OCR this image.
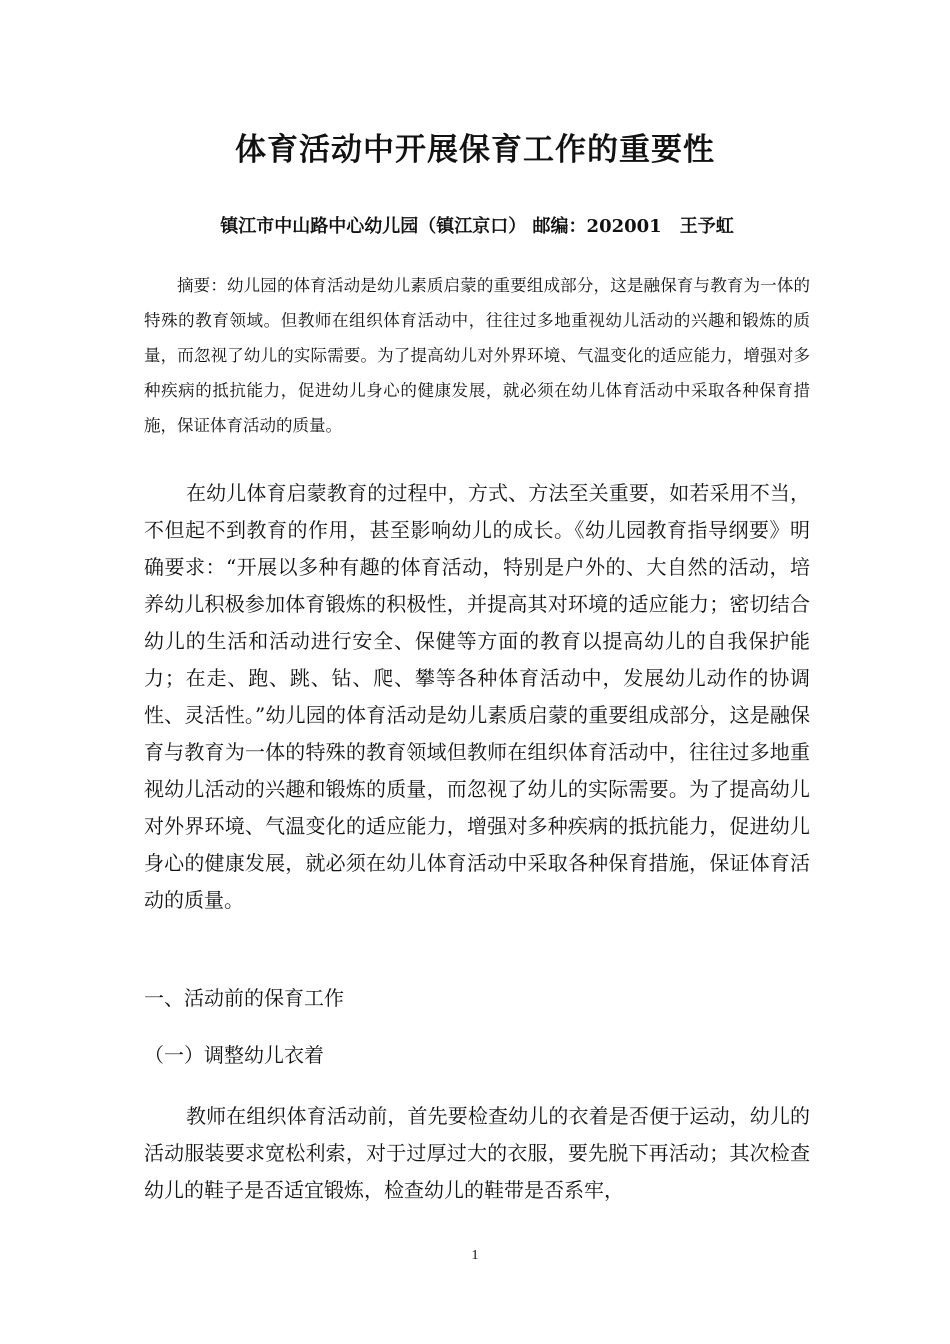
体育活动中开展保育工作的重要性
镇江市中山路中心幼儿园（镇江京口） 邮编：202001　王予虹
摘要：幼儿园的体育活动是幼儿素质启蒙的重要组成部分，这是融保育与教育为一体的特殊的教育领域。但教师在组织体育活动中，往往过多地重视幼儿活动的兴趣和锻炼的质量，而忽视了幼儿的实际需要。为了提高幼儿对外界环境、气温变化的适应能力，增强对多种疾病的抵抗能力，促进幼儿身心的健康发展，就必须在幼儿体育活动中采取各种保育措施，保证体育活动的质量。

在幼儿体育启蒙教育的过程中，方式、方法至关重要，如若采用不当，不但起不到教育的作用，甚至影响幼儿的成长。《幼儿园教育指导纲要》明确要求：“开展以多种有趣的体育活动，特别是户外的、大自然的活动，培养幼儿积极参加体育锻炼的积极性，并提高其对环境的适应能力；密切结合幼儿的生活和活动进行安全、保健等方面的教育以提高幼儿的自我保护能力；在走、跑、跳、钻、爬、攀等各种体育活动中，发展幼儿动作的协调性、灵活性。”幼儿园的体育活动是幼儿素质启蒙的重要组成部分，这是融保育与教育为一体的特殊的教育领域但教师在组织体育活动中，往往过多地重视幼儿活动的兴趣和锻炼的质量，而忽视了幼儿的实际需要。为了提高幼儿对外界环境、气温变化的适应能力，增强对多种疾病的抵抗能力，促进幼儿身心的健康发展，就必须在幼儿体育活动中采取各种保育措施，保证体育活动的质量。

一、活动前的保育工作
（一）调整幼儿衣着

教师在组织体育活动前，首先要检查幼儿的衣着是否便于运动，幼儿的活动服装要求宽松利索，对于过厚过大的衣服，要先脱下再活动；其次检查幼儿的鞋子是否适宜锻炼，检查幼儿的鞋带是否系牢，

1
